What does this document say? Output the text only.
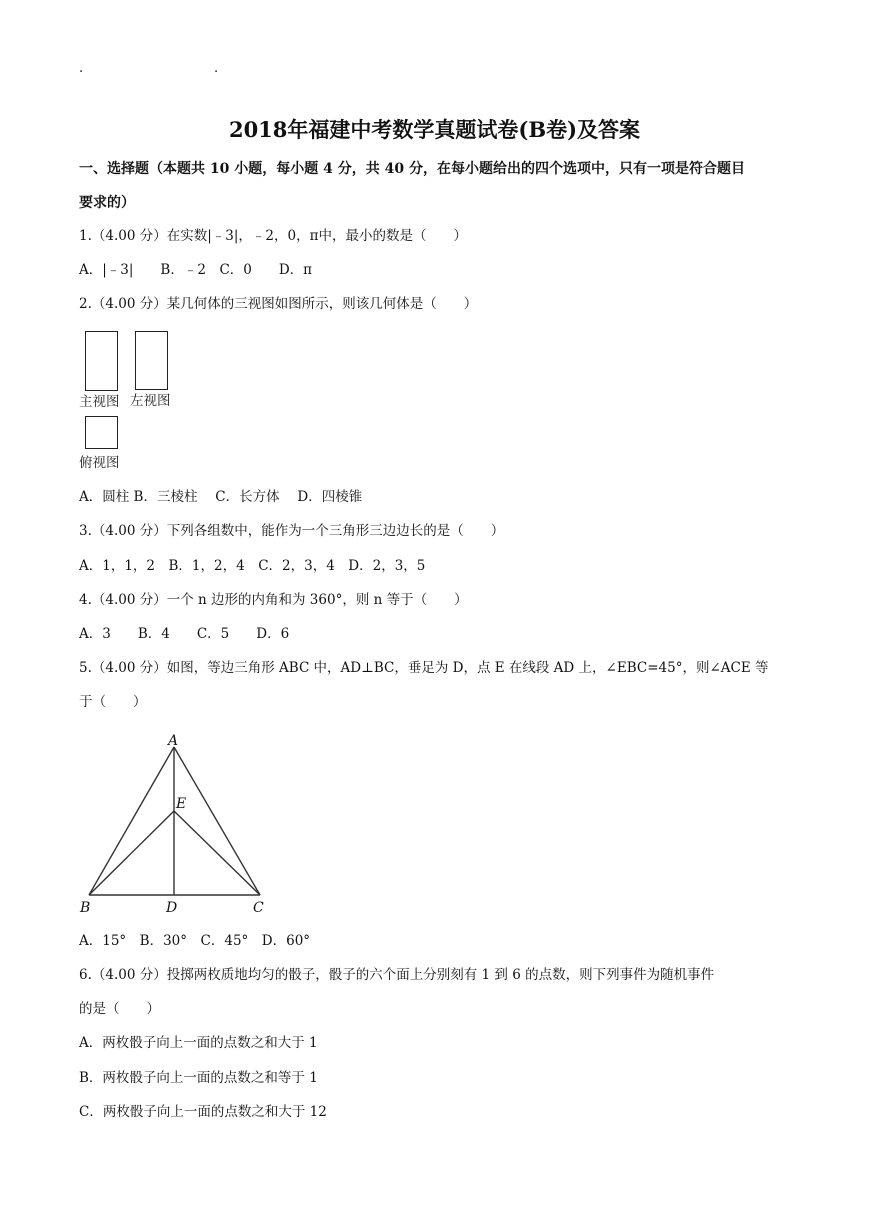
.	.
2018年福建中考数学真题试卷(B卷)及答案
一、选择题（本题共 10 小题，每小题 4 分，共 40 分，在每小题给出的四个选项中，只有一项是符合题目
要求的）
1.（4.00 分）在实数|﹣3|，﹣2，0，π中，最小的数是（　　）
A．|﹣3|　　B．﹣2　C．0　　D．π
2.（4.00 分）某几何体的三视图如图所示，则该几何体是（　　）
主视图 左视图
俯视图
A．圆柱 B．三棱柱　 C．长方体　 D．四棱锥
3.（4.00 分）下列各组数中，能作为一个三角形三边边长的是（　　）
A．1，1，2　B．1，2，4　C．2，3，4　D．2，3，5
4.（4.00 分）一个 n 边形的内角和为 360°，则 n 等于（　　）
A．3　　B．4　　C．5　　D．6
5.（4.00 分）如图，等边三角形 ABC 中，AD⊥BC，垂足为 D，点 E 在线段 AD 上，∠EBC=45°，则∠ACE 等
于（　　）
A
E
B	D	C
A．15°　B．30°　C．45°　D．60°
6.（4.00 分）投掷两枚质地均匀的骰子，骰子的六个面上分别刻有 1 到 6 的点数，则下列事件为随机事件
的是（　　）
A．两枚骰子向上一面的点数之和大于 1
B．两枚骰子向上一面的点数之和等于 1
C．两枚骰子向上一面的点数之和大于 12
